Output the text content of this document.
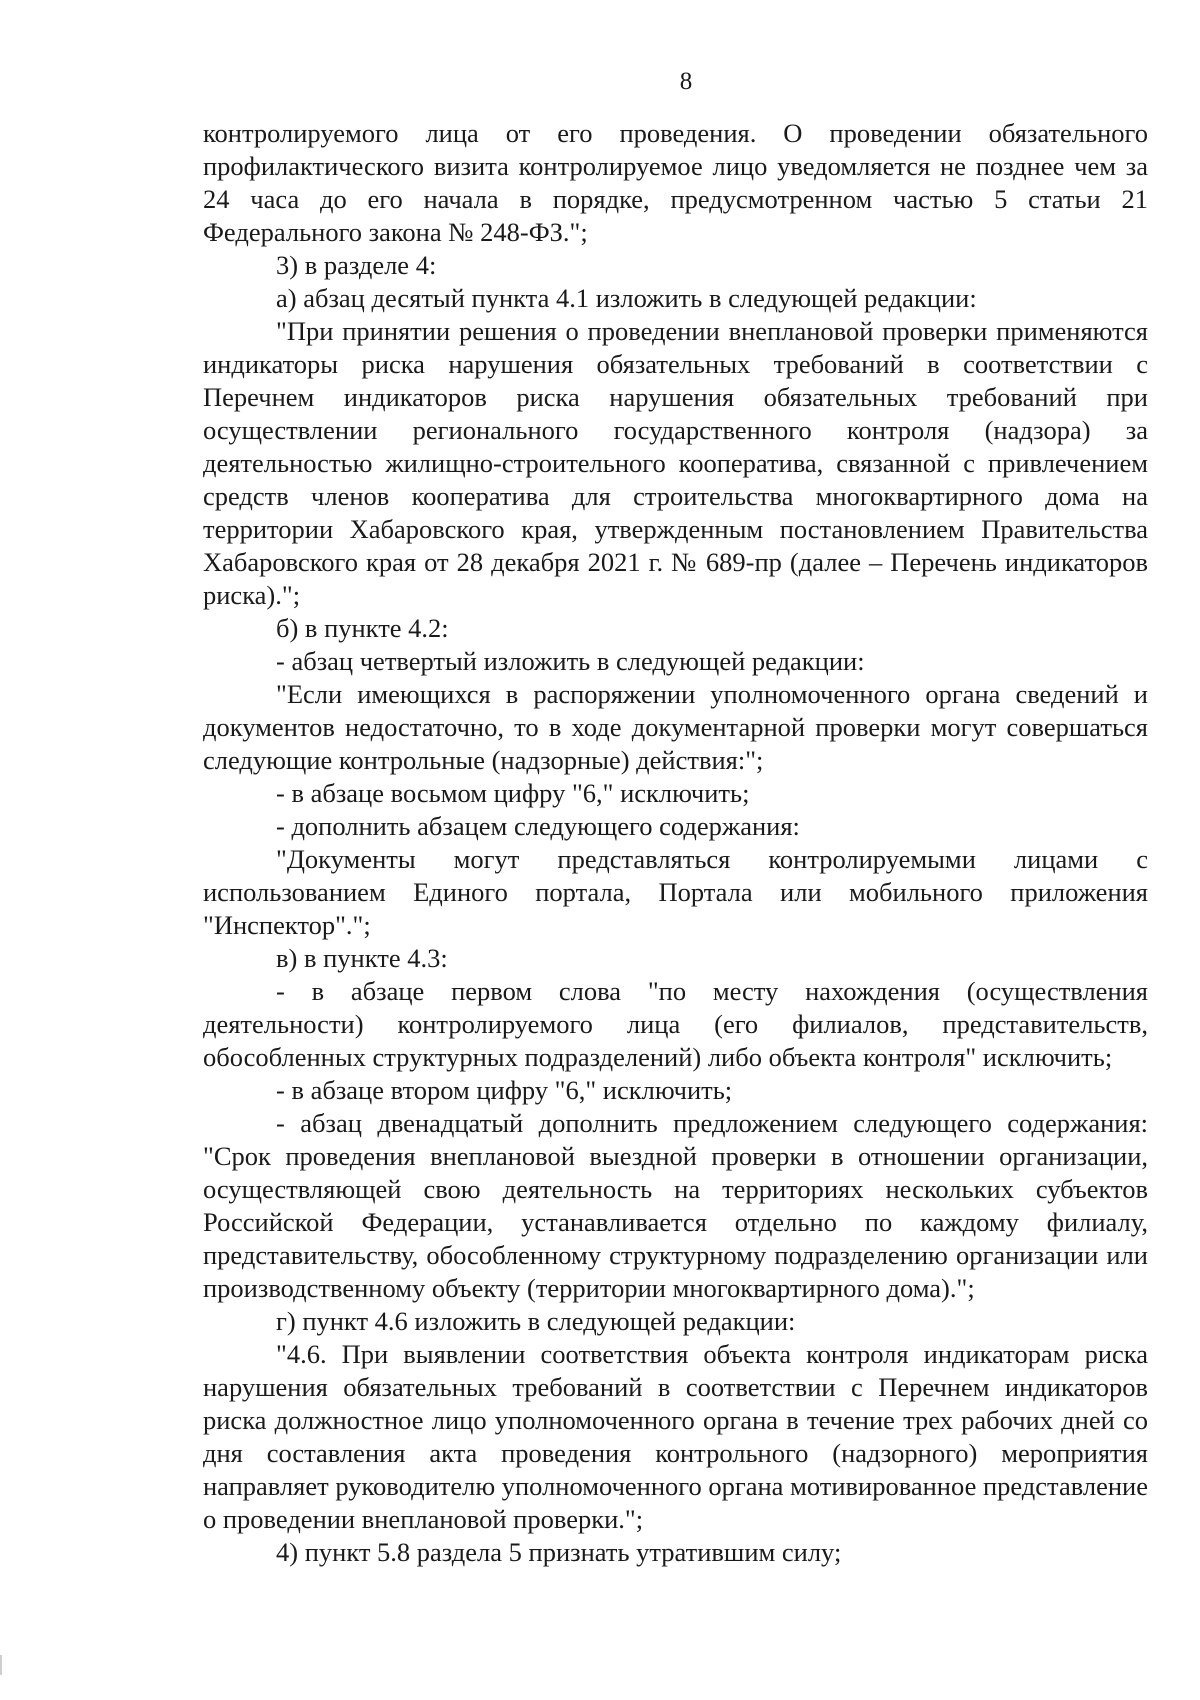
8

контролируемого лица от его проведения. О проведении обязательного профилактического визита контролируемое лицо уведомляется не позднее чем за 24 часа до его начала в порядке, предусмотренном частью 5 статьи 21 Федерального закона № 248-ФЗ.";

3) в разделе 4:

а) абзац десятый пункта 4.1 изложить в следующей редакции:

"При принятии решения о проведении внеплановой проверки применяются индикаторы риска нарушения обязательных требований в соответствии с Перечнем индикаторов риска нарушения обязательных требований при осуществлении регионального государственного контроля (надзора) за деятельностью жилищно-строительного кооператива, связанной с привлечением средств членов кооператива для строительства многоквартирного дома на территории Хабаровского края, утвержденным постановлением Правительства Хабаровского края от 28 декабря 2021 г. № 689-пр (далее – Перечень индикаторов риска).";

б) в пункте 4.2:

- абзац четвертый изложить в следующей редакции:

"Если имеющихся в распоряжении уполномоченного органа сведений и документов недостаточно, то в ходе документарной проверки могут совершаться следующие контрольные (надзорные) действия:";

- в абзаце восьмом цифру "6," исключить;

- дополнить абзацем следующего содержания:

"Документы могут представляться контролируемыми лицами с использованием Единого портала, Портала или мобильного приложения "Инспектор".";

в) в пункте 4.3:

- в абзаце первом слова "по месту нахождения (осуществления деятельности) контролируемого лица (его филиалов, представительств, обособленных структурных подразделений) либо объекта контроля" исключить;

- в абзаце втором цифру "6," исключить;

- абзац двенадцатый дополнить предложением следующего содержания: "Срок проведения внеплановой выездной проверки в отношении организации, осуществляющей свою деятельность на территориях нескольких субъектов Российской Федерации, устанавливается отдельно по каждому филиалу, представительству, обособленному структурному подразделению организации или производственному объекту (территории многоквартирного дома).";

г) пункт 4.6 изложить в следующей редакции:

"4.6. При выявлении соответствия объекта контроля индикаторам риска нарушения обязательных требований в соответствии с Перечнем индикаторов риска должностное лицо уполномоченного органа в течение трех рабочих дней со дня составления акта проведения контрольного (надзорного) мероприятия направляет руководителю уполномоченного органа мотивированное представление о проведении внеплановой проверки.";

4) пункт 5.8 раздела 5 признать утратившим силу;
